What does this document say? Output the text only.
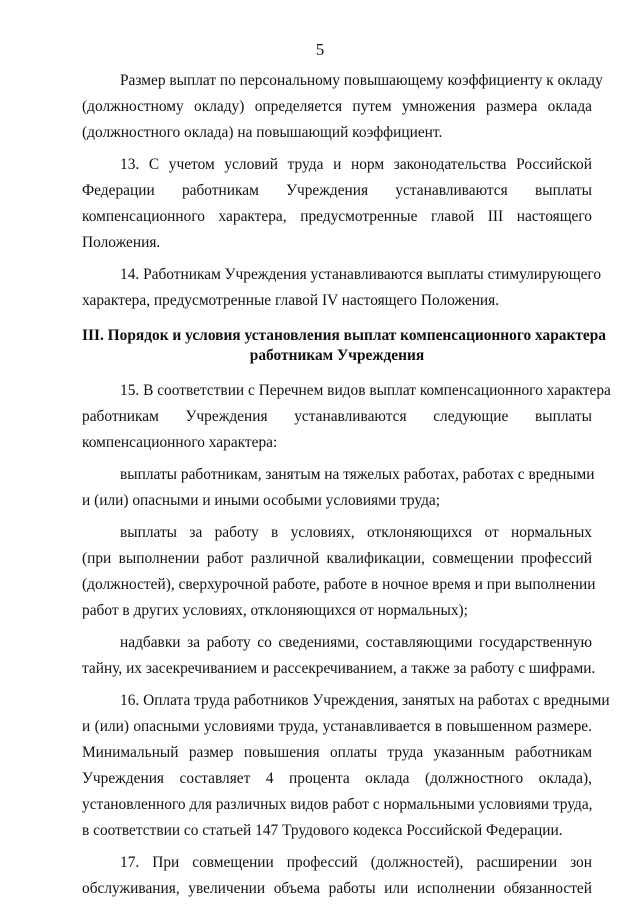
5
Размер выплат по персональному повышающему коэффициенту к окладу
(должностному окладу) определяется путем умножения размера оклада
(должностного оклада) на повышающий коэффициент.
13. С учетом условий труда и норм законодательства Российской
Федерации работникам Учреждения устанавливаются выплаты
компенсационного характера, предусмотренные главой III настоящего
Положения.
14. Работникам Учреждения устанавливаются выплаты стимулирующего
характера, предусмотренные главой IV настоящего Положения.
III. Порядок и условия установления выплат компенсационного характера
работникам Учреждения
15. В соответствии с Перечнем видов выплат компенсационного характера
работникам Учреждения устанавливаются следующие выплаты
компенсационного характера:
выплаты работникам, занятым на тяжелых работах, работах с вредными
и (или) опасными и иными особыми условиями труда;
выплаты за работу в условиях, отклоняющихся от нормальных
(при выполнении работ различной квалификации, совмещении профессий
(должностей), сверхурочной работе, работе в ночное время и при выполнении
работ в других условиях, отклоняющихся от нормальных);
надбавки за работу со сведениями, составляющими государственную
тайну, их засекречиванием и рассекречиванием, а также за работу с шифрами.
16. Оплата труда работников Учреждения, занятых на работах с вредными
и (или) опасными условиями труда, устанавливается в повышенном размере.
Минимальный размер повышения оплаты труда указанным работникам
Учреждения составляет 4 процента оклада (должностного оклада),
установленного для различных видов работ с нормальными условиями труда,
в соответствии со статьей 147 Трудового кодекса Российской Федерации.
17. При совмещении профессий (должностей), расширении зон
обслуживания, увеличении объема работы или исполнении обязанностей
